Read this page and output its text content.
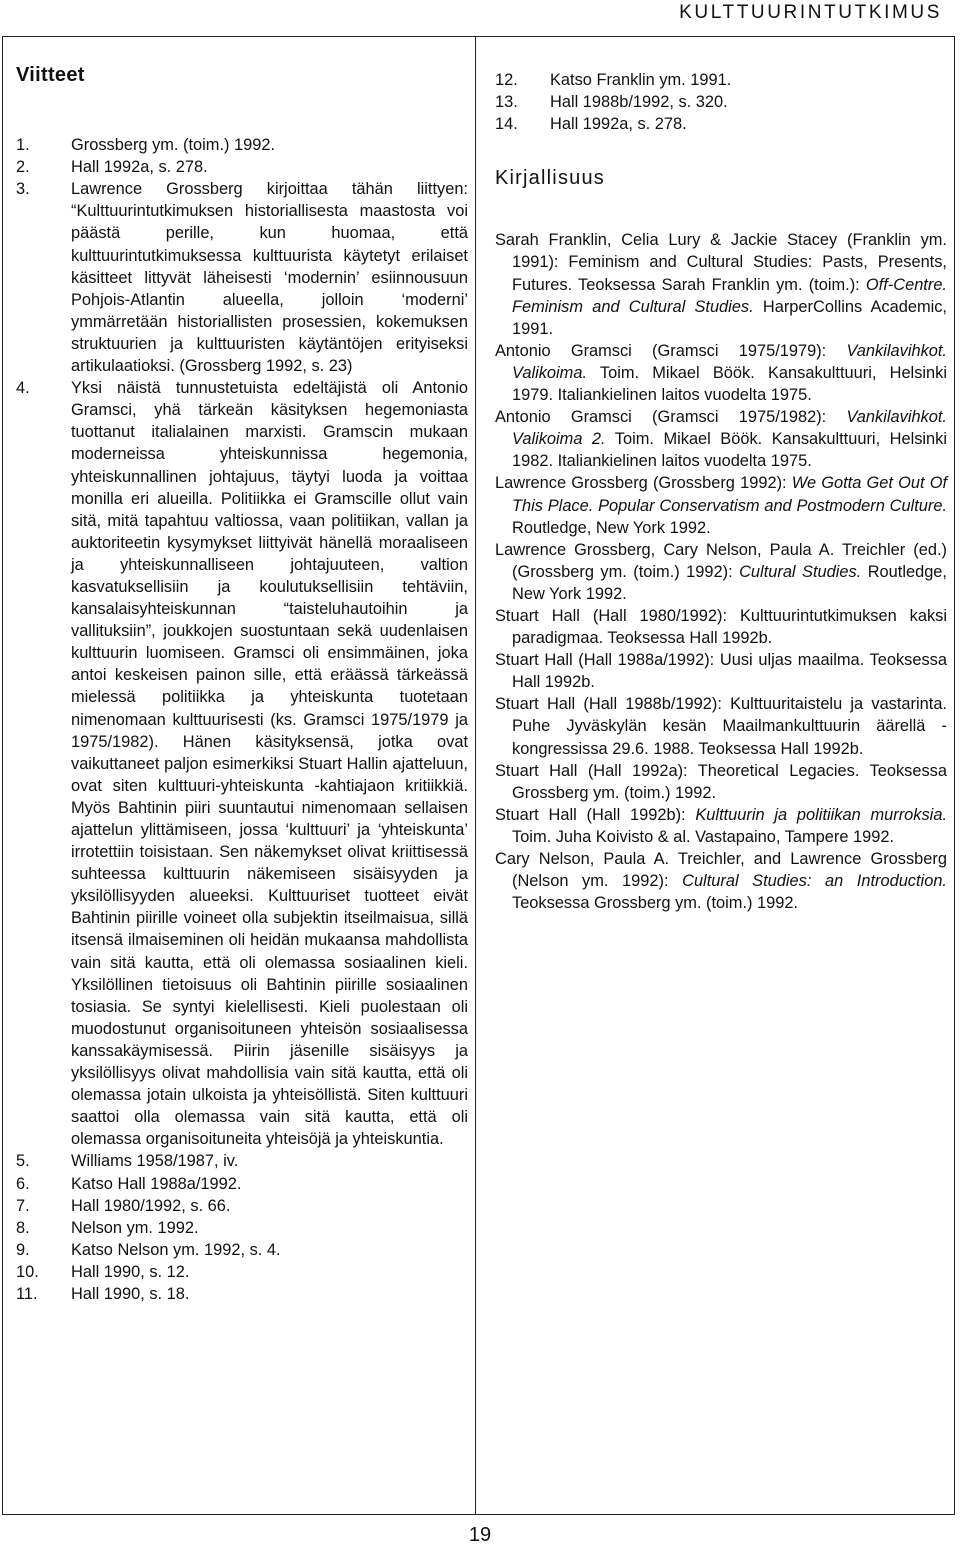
KULTTUURINTUTKIMUS
Viitteet
1.	Grossberg ym. (toim.) 1992.
2.	Hall 1992a, s. 278.
3.	Lawrence Grossberg kirjoittaa tähän liittyen: “Kulttuurintutkimuksen historiallisesta maastosta voi päästä perille, kun huomaa, että kulttuurintutkimuksessa kulttuurista käytetyt erilaiset käsitteet littyvät läheisesti ‘modernin’ esiinnousuun Pohjois-Atlantin alueella, jolloin ‘moderni’ ymmärretään historiallisten prosessien, kokemuksen struktuurien ja kulttuuristen käytäntöjen erityiseksi artikulaatioksi. (Grossberg 1992, s. 23)
4.	Yksi näistä tunnustetuista edeltäjistä oli Antonio Gramsci, yhä tärkeän käsityksen hegemoniasta tuottanut italialainen marxisti. Gramscin mukaan moderneissa yhteiskunnissa hegemonia, yhteiskunnallinen johtajuus, täytyi luoda ja voittaa monilla eri alueilla. Politiikka ei Gramscille ollut vain sitä, mitä tapahtuu valtiossa, vaan politiikan, vallan ja auktoriteetin kysymykset liittyivät hänellä moraaliseen ja yhteiskunnalliseen johtajuuteen, valtion kasvatuksellisiin ja koulutuksellisiin tehtäviin, kansalaisyhteiskunnan “taisteluhautoihin ja vallituksiin”, joukkojen suostuntaan sekä uudenlaisen kulttuurin luomiseen. Gramsci oli ensimmäinen, joka antoi keskeisen painon sille, että eräässä tärkeässä mielessä politiikka ja yhteiskunta tuotetaan nimenomaan kulttuurisesti (ks. Gramsci 1975/1979 ja 1975/1982). Hänen käsityksensä, jotka ovat vaikuttaneet paljon esimerkiksi Stuart Hallin ajatteluun, ovat siten kulttuuri-yhteiskunta -kahtiajaon kritiikkiä. Myös Bahtinin piiri suuntautui nimenomaan sellaisen ajattelun ylittämiseen, jossa ‘kulttuuri’ ja ‘yhteiskunta’ irrotettiin toisistaan. Sen näkemykset olivat kriittisessä suhteessa kulttuurin näkemiseen sisäisyyden ja yksilöllisyyden alueeksi. Kulttuuriset tuotteet eivät Bahtinin piirille voineet olla subjektin itseilmaisua, sillä itsensä ilmaiseminen oli heidän mukaansa mahdollista vain sitä kautta, että oli olemassa sosiaalinen kieli. Yksilöllinen tietoisuus oli Bahtinin piirille sosiaalinen tosiasia. Se syntyi kielellisesti. Kieli puolestaan oli muodostunut organisoituneen yhteisön sosiaalisessa kanssakäymisessä. Piirin jäsenille sisäisyys ja yksilöllisyys olivat mahdollisia vain sitä kautta, että oli olemassa jotain ulkoista ja yhteisöllistä. Siten kulttuuri saattoi olla olemassa vain sitä kautta, että oli olemassa organisoituneita yhteisöjä ja yhteiskuntia.
5.	Williams 1958/1987, iv.
6.	Katso Hall 1988a/1992.
7.	Hall 1980/1992, s. 66.
8.	Nelson ym. 1992.
9.	Katso Nelson ym. 1992, s. 4.
10.	Hall 1990, s. 12.
11.	Hall 1990, s. 18.
12.	Katso Franklin ym. 1991.
13.	Hall 1988b/1992, s. 320.
14.	Hall 1992a, s. 278.
Kirjallisuus
Sarah Franklin, Celia Lury & Jackie Stacey (Franklin ym. 1991): Feminism and Cultural Studies: Pasts, Presents, Futures. Teoksessa Sarah Franklin ym. (toim.): Off-Centre. Feminism and Cultural Studies. HarperCollins Academic, 1991.
Antonio Gramsci (Gramsci 1975/1979): Vankilavihkot. Valikoima. Toim. Mikael Böök. Kansakulttuuri, Helsinki 1979. Italiankielinen laitos vuodelta 1975.
Antonio Gramsci (Gramsci 1975/1982): Vankilavihkot. Valikoima 2. Toim. Mikael Böök. Kansakulttuuri, Helsinki 1982. Italiankielinen laitos vuodelta 1975.
Lawrence Grossberg (Grossberg 1992): We Gotta Get Out Of This Place. Popular Conservatism and Postmodern Culture. Routledge, New York 1992.
Lawrence Grossberg, Cary Nelson, Paula A. Treichler (ed.) (Grossberg ym. (toim.) 1992): Cultural Studies. Routledge, New York 1992.
Stuart Hall (Hall 1980/1992): Kulttuurintutkimuksen kaksi paradigmaa. Teoksessa Hall 1992b.
Stuart Hall (Hall 1988a/1992): Uusi uljas maailma. Teoksessa Hall 1992b.
Stuart Hall (Hall 1988b/1992): Kulttuuritaistelu ja vastarinta. Puhe Jyväskylän kesän Maailmankulttuurin äärellä -kongressissa 29.6. 1988. Teoksessa Hall 1992b.
Stuart Hall (Hall 1992a): Theoretical Legacies. Teoksessa Grossberg ym. (toim.) 1992.
Stuart Hall (Hall 1992b): Kulttuurin ja politiikan murroksia. Toim. Juha Koivisto & al. Vastapaino, Tampere 1992.
Cary Nelson, Paula A. Treichler, and Lawrence Grossberg (Nelson ym. 1992): Cultural Studies: an Introduction. Teoksessa Grossberg ym. (toim.) 1992.
19
